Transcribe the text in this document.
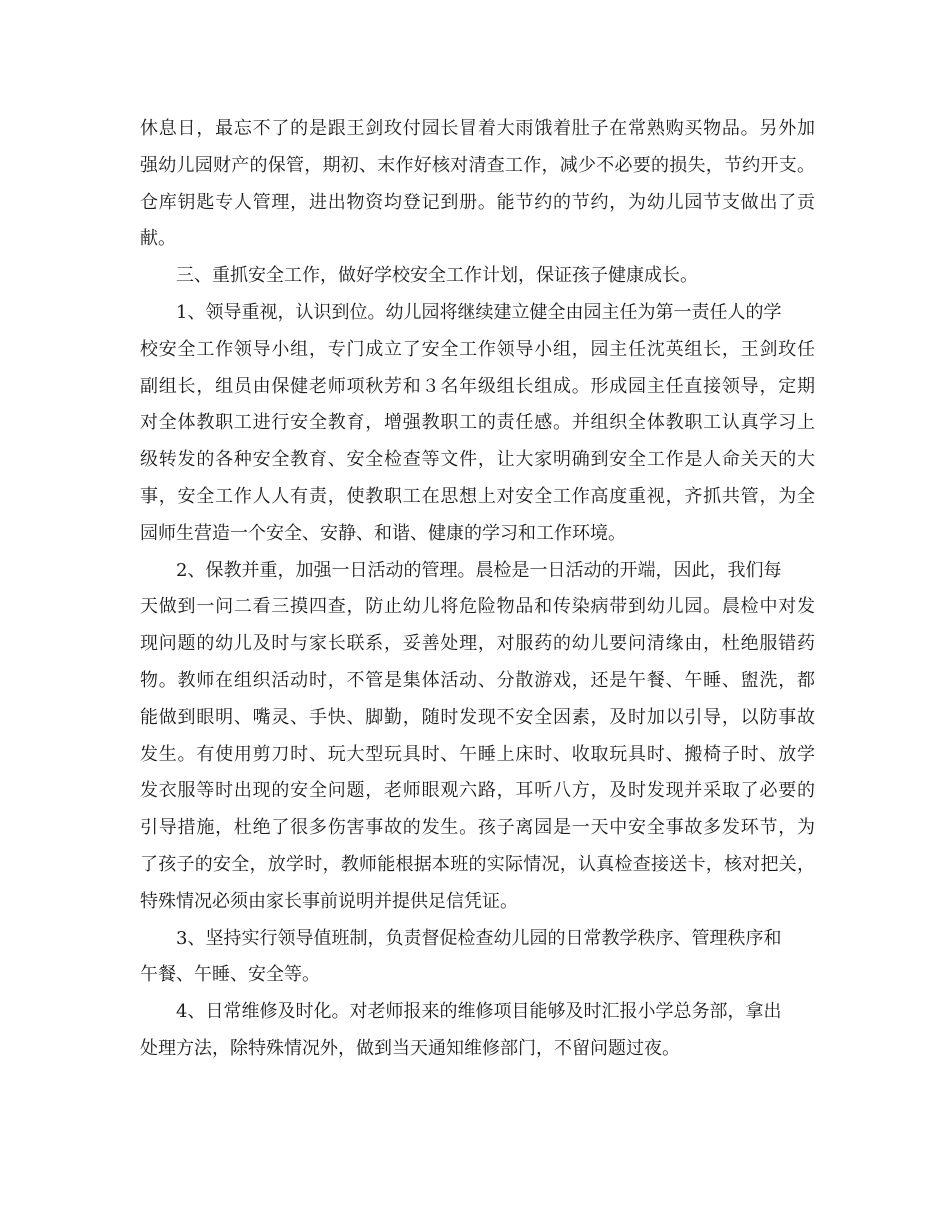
休息日，最忘不了的是跟王剑玫付园长冒着大雨饿着肚子在常熟购买物品。另外加
强幼儿园财产的保管，期初、末作好核对清查工作，减少不必要的损失，节约开支。
仓库钥匙专人管理，进出物资均登记到册。能节约的节约，为幼儿园节支做出了贡
献。
三、重抓安全工作，做好学校安全工作计划，保证孩子健康成长。
1、领导重视，认识到位。幼儿园将继续建立健全由园主任为第一责任人的学
校安全工作领导小组，专门成立了安全工作领导小组，园主任沈英组长，王剑玫任
副组长，组员由保健老师项秋芳和３名年级组长组成。形成园主任直接领导，定期
对全体教职工进行安全教育，增强教职工的责任感。并组织全体教职工认真学习上
级转发的各种安全教育、安全检查等文件，让大家明确到安全工作是人命关天的大
事，安全工作人人有责，使教职工在思想上对安全工作高度重视，齐抓共管，为全
园师生营造一个安全、安静、和谐、健康的学习和工作环境。
2、保教并重，加强一日活动的管理。晨检是一日活动的开端，因此，我们每
天做到一问二看三摸四查，防止幼儿将危险物品和传染病带到幼儿园。晨检中对发
现问题的幼儿及时与家长联系，妥善处理，对服药的幼儿要问清缘由，杜绝服错药
物。教师在组织活动时，不管是集体活动、分散游戏，还是午餐、午睡、盥洗，都
能做到眼明、嘴灵、手快、脚勤，随时发现不安全因素，及时加以引导，以防事故
发生。有使用剪刀时、玩大型玩具时、午睡上床时、收取玩具时、搬椅子时、放学
发衣服等时出现的安全问题，老师眼观六路，耳听八方，及时发现并采取了必要的
引导措施，杜绝了很多伤害事故的发生。孩子离园是一天中安全事故多发环节，为
了孩子的安全，放学时，教师能根据本班的实际情况，认真检查接送卡，核对把关，
特殊情况必须由家长事前说明并提供足信凭证。
3、坚持实行领导值班制，负责督促检查幼儿园的日常教学秩序、管理秩序和
午餐、午睡、安全等。
4、日常维修及时化。对老师报来的维修项目能够及时汇报小学总务部，拿出
处理方法，除特殊情况外，做到当天通知维修部门，不留问题过夜。
